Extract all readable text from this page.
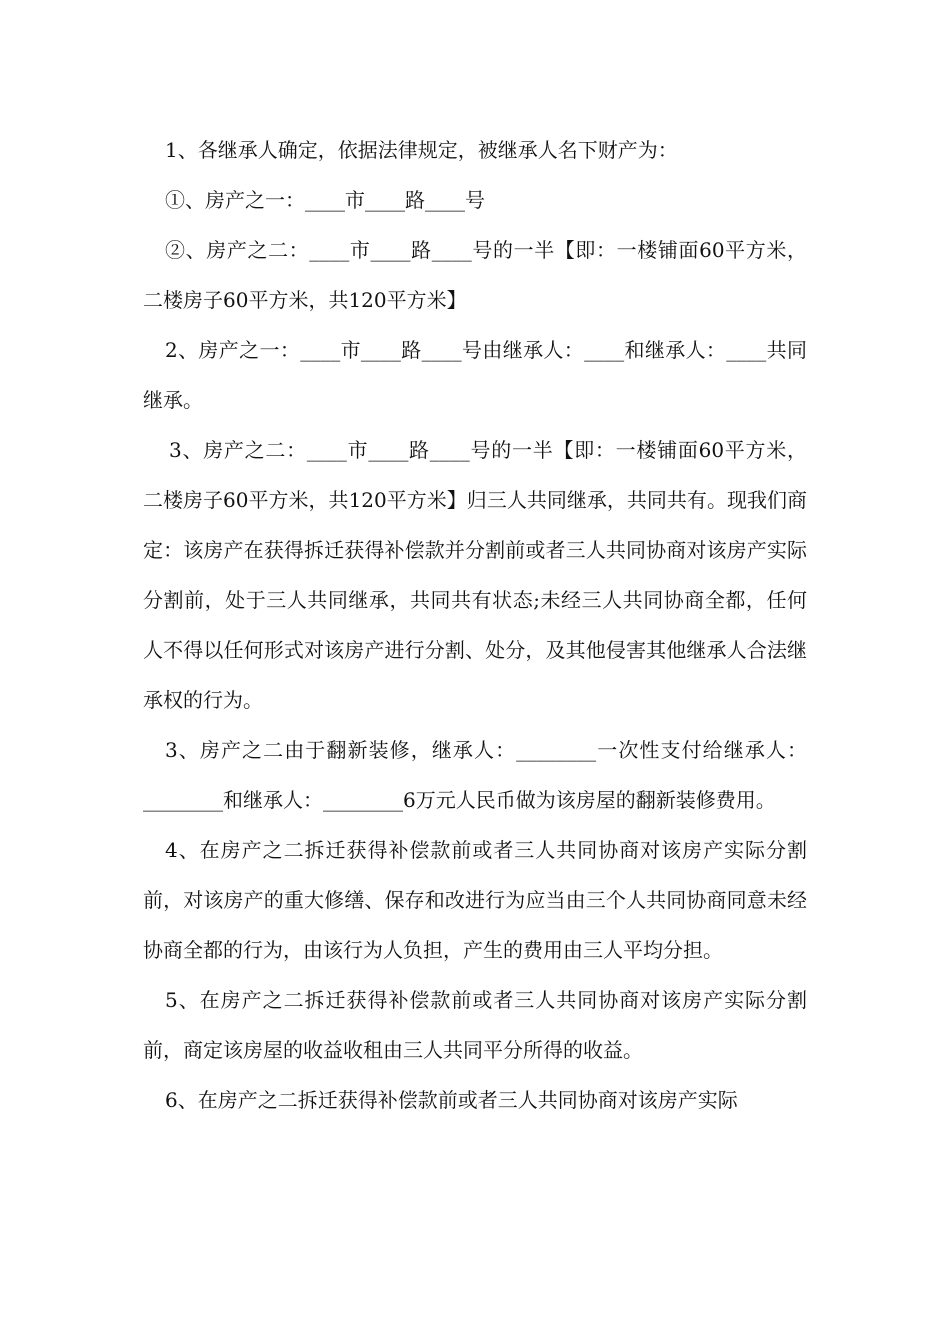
1、各继承人确定，依据法律规定，被继承人名下财产为：

①、房产之一：____市____路____号

②、房产之二：____市____路____号的一半【即：一楼铺面60平方米，二楼房子60平方米，共120平方米】

2、房产之一：____市____路____号由继承人：____和继承人：____共同继承。

3、房产之二：____市____路____号的一半【即：一楼铺面60平方米，二楼房子60平方米，共120平方米】归三人共同继承，共同共有。现我们商定：该房产在获得拆迁获得补偿款并分割前或者三人共同协商对该房产实际分割前，处于三人共同继承，共同共有状态;未经三人共同协商全都，任何人不得以任何形式对该房产进行分割、处分，及其他侵害其他继承人合法继承权的行为。

3、房产之二由于翻新装修，继承人：________一次性支付给继承人：________和继承人：________6万元人民币做为该房屋的翻新装修费用。

4、在房产之二拆迁获得补偿款前或者三人共同协商对该房产实际分割前，对该房产的重大修缮、保存和改进行为应当由三个人共同协商同意未经协商全都的行为，由该行为人负担，产生的费用由三人平均分担。

5、在房产之二拆迁获得补偿款前或者三人共同协商对该房产实际分割前，商定该房屋的收益收租由三人共同平分所得的收益。

6、在房产之二拆迁获得补偿款前或者三人共同协商对该房产实际
